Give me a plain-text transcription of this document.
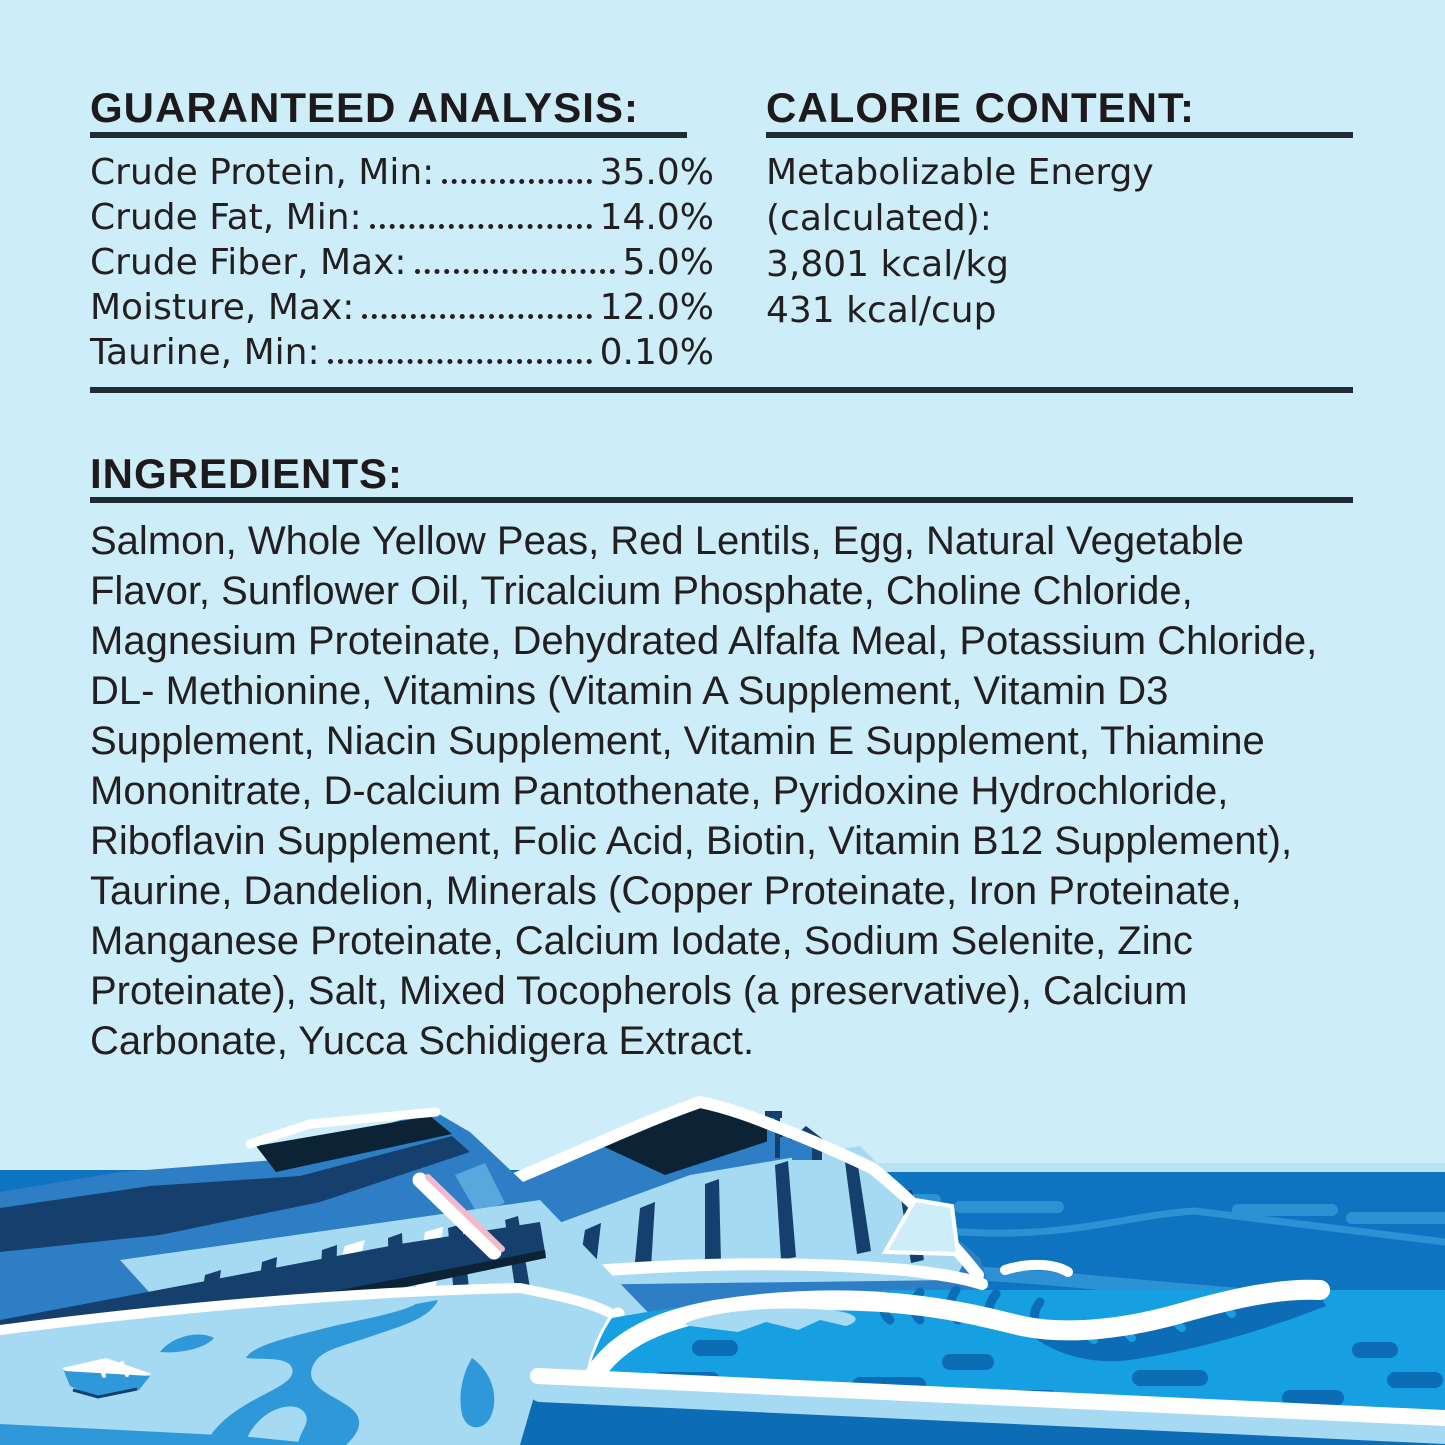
GUARANTEED ANALYSIS:
Crude Protein, Min:	35.0%
Crude Fat, Min:	14.0%
Crude Fiber, Max:	5.0%
Moisture, Max:	12.0%
Taurine, Min:	0.10%
CALORIE CONTENT:
Metabolizable Energy
(calculated):
3,801 kcal/kg
431 kcal/cup
INGREDIENTS:

Salmon, Whole Yellow Peas, Red Lentils, Egg, Natural Vegetable Flavor, Sunflower Oil, Tricalcium Phosphate, Choline Chloride, Magnesium Proteinate, Dehydrated Alfalfa Meal, Potassium Chloride, DL- Methionine, Vitamins (Vitamin A Supplement, Vitamin D3 Supplement, Niacin Supplement, Vitamin E Supplement, Thiamine Mononitrate, D-calcium Pantothenate, Pyridoxine Hydrochloride, Riboflavin Supplement, Folic Acid, Biotin, Vitamin B12 Supplement), Taurine, Dandelion, Minerals (Copper Proteinate, Iron Proteinate, Manganese Proteinate, Calcium Iodate, Sodium Selenite, Zinc Proteinate), Salt, Mixed Tocopherols (a preservative), Calcium Carbonate, Yucca Schidigera Extract.
